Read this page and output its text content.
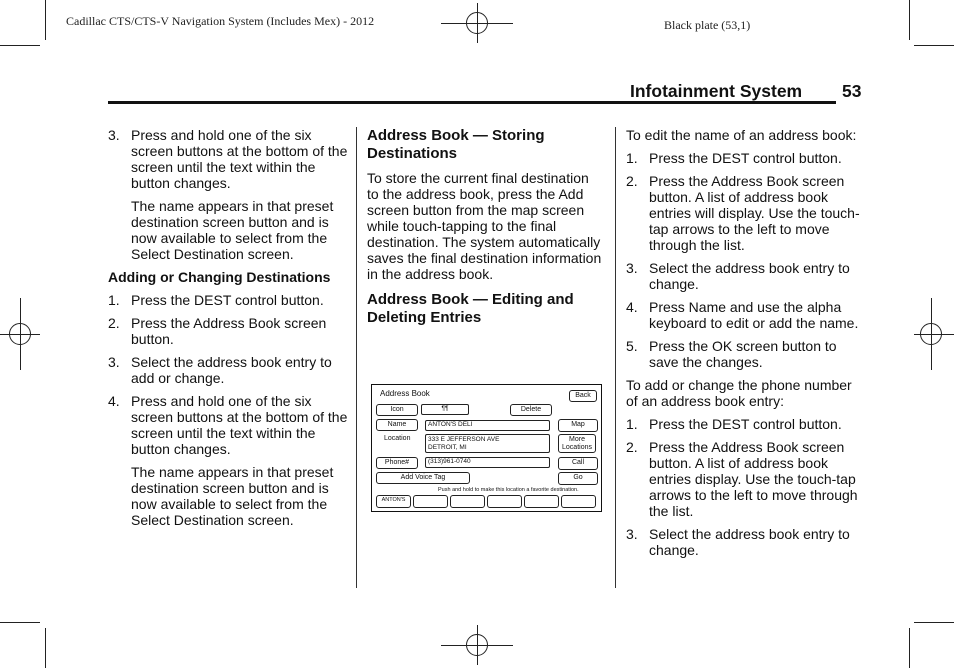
Cadillac CTS/CTS-V Navigation System (Includes Mex) - 2012	Black plate (53,1)
Infotainment System 53
3. Press and hold one of the six screen buttons at the bottom of the screen until the text within the button changes.

The name appears in that preset destination screen button and is now available to select from the Select Destination screen.

Adding or Changing Destinations

1. Press the DEST control button.
2. Press the Address Book screen button.
3. Select the address book entry to add or change.
4. Press and hold one of the six screen buttons at the bottom of the screen until the text within the button changes.

The name appears in that preset destination screen button and is now available to select from the Select Destination screen.

Address Book — Storing Destinations

To store the current final destination to the address book, press the Add screen button from the map screen while touch-tapping to the final destination. The system automatically saves the final destination information in the address book.

Address Book — Editing and Deleting Entries

Address Book	Back
Icon	¶¶	Delete
Name	ANTON'S DELI	Map
Location	333 E JEFFERSON AVE
DETROIT, MI
More
Locations
Phone#	(313)961-0740	Call
Add Voice Tag	Go
Push and hold to make this location a favorite destination.
ANTON'S

To edit the name of an address book:

1. Press the DEST control button.
2. Press the Address Book screen button. A list of address book entries will display. Use the touch-tap arrows to the left to move through the list.
3. Select the address book entry to change.
4. Press Name and use the alpha keyboard to edit or add the name.
5. Press the OK screen button to save the changes.

To add or change the phone number of an address book entry:

1. Press the DEST control button.
2. Press the Address Book screen button. A list of address book entries display. Use the touch-tap arrows to the left to move through the list.
3. Select the address book entry to change.
